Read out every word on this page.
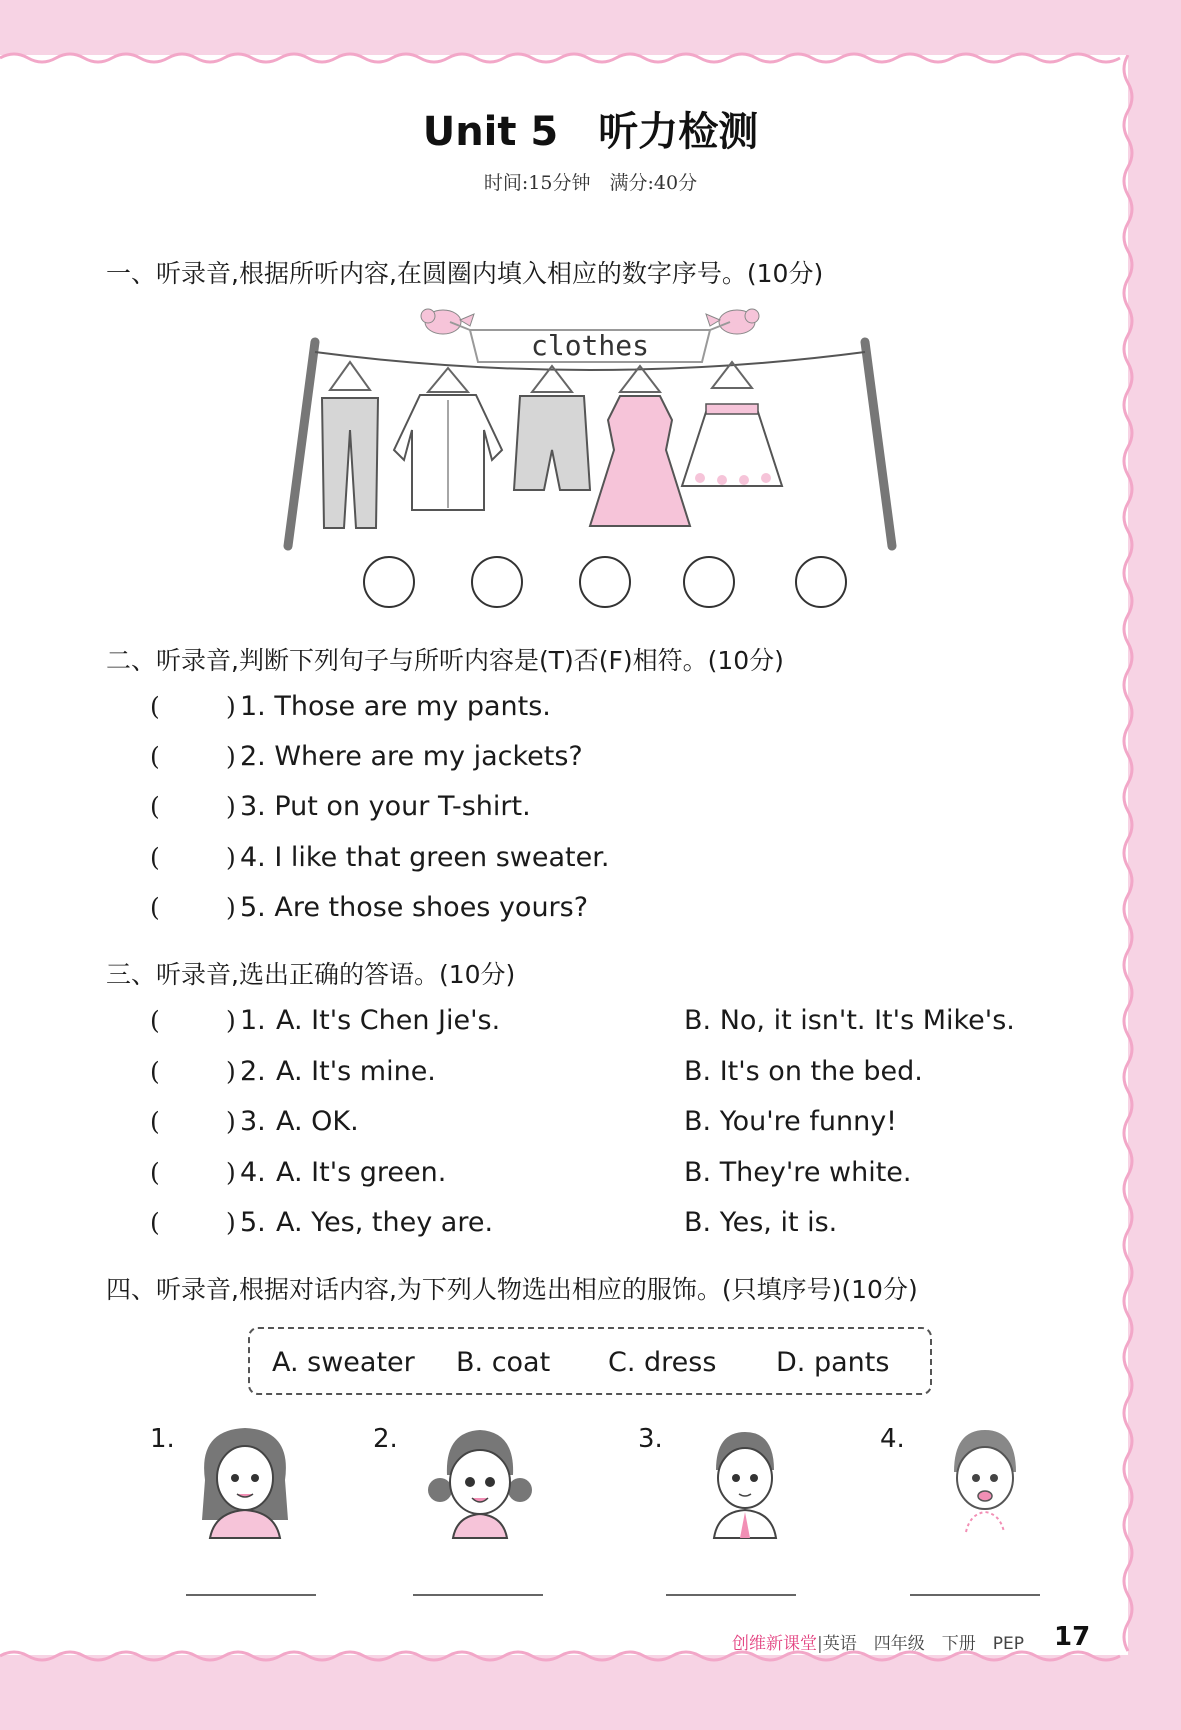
Unit 5　听力检测
时间:15分钟　满分:40分
一、听录音,根据所听内容,在圆圈内填入相应的数字序号。(10分)
clothes
二、听录音,判断下列句子与所听内容是(T)否(F)相符。(10分)
(	) 1. Those are my pants.
(	) 2. Where are my jackets?
(	) 3. Put on your T-shirt.
(	) 4. I like that green sweater.
(	) 5. Are those shoes yours?
三、听录音,选出正确的答语。(10分)
(	) 1. A. It's Chen Jie's.	B. No, it isn't. It's Mike's.
(	) 2. A. It's mine.	B. It's on the bed.
(	) 3. A. OK.	B. You're funny!
(	) 4. A. It's green.	B. They're white.
(	) 5. A. Yes, they are.	B. Yes, it is.
四、听录音,根据对话内容,为下列人物选出相应的服饰。(只填序号)(10分)
A. sweater B. coat C. dress D. pants
1.	2.	3.	4.
创维新课堂|英语　四年级　下册　PEP 17
